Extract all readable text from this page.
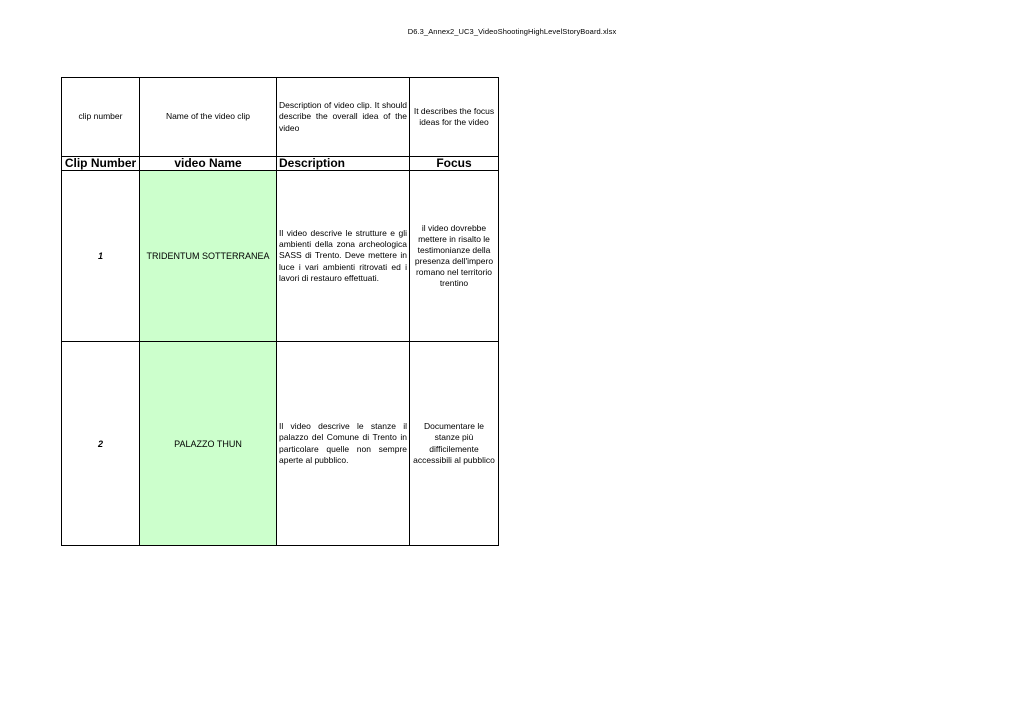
D6.3_Annex2_UC3_VideoShootingHighLevelStoryBoard.xlsx
clip number	Name of the video clip	Description of video clip. It should describe the overall idea of the video	It describes the focus ideas for the video
Clip Number	video Name	Description	Focus
1	TRIDENTUM SOTTERRANEA	Il video descrive le strutture e gli ambienti della zona archeologica SASS di Trento. Deve mettere in luce i vari ambienti ritrovati ed i lavori di restauro effettuati.	il video dovrebbe mettere in risalto le testimonianze della presenza dell'impero romano nel territorio trentino
2	PALAZZO THUN	Il video descrive le stanze il palazzo del Comune di Trento in particolare quelle non sempre aperte al pubblico.	Documentare le stanze più difficilemente accessibili al pubblico
